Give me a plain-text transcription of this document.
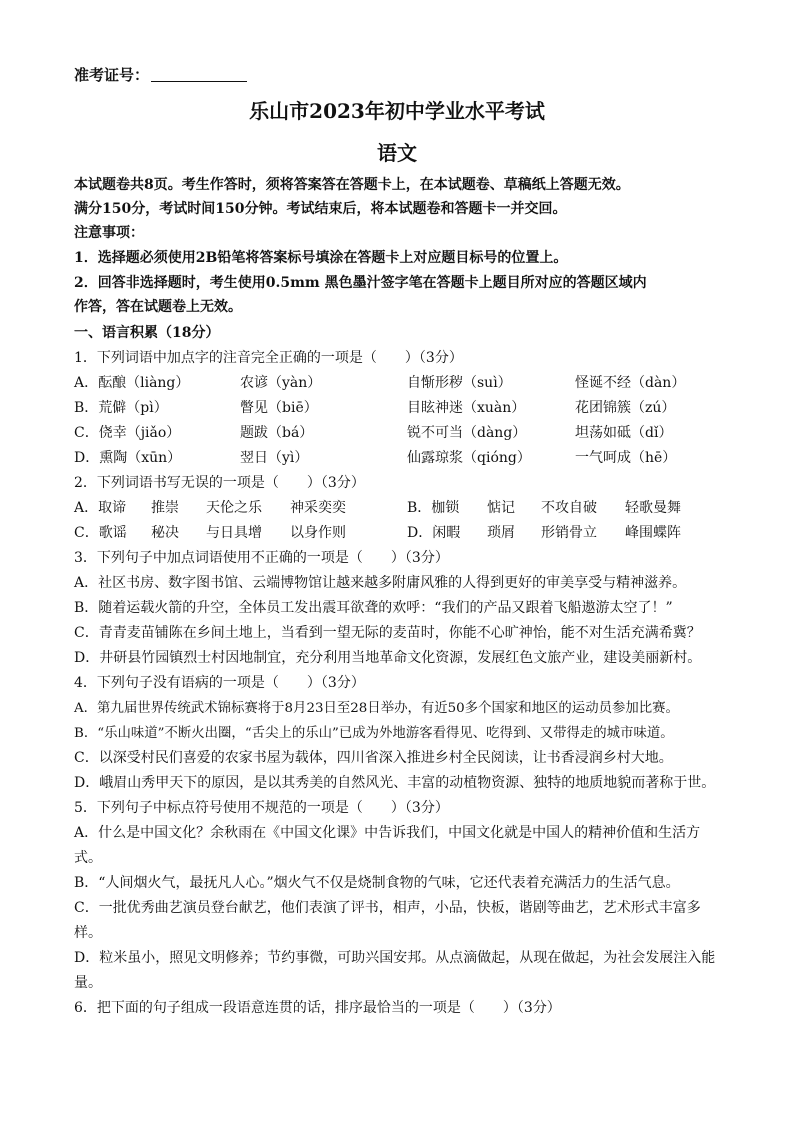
准考证号：
乐山市2023年初中学业水平考试
语文
本试题卷共8页。考生作答时，须将答案答在答题卡上，在本试题卷、草稿纸上答题无效。
满分150分，考试时间150分钟。考试结束后，将本试题卷和答题卡一并交回。
注意事项：
1．选择题必须使用2B铅笔将答案标号填涂在答题卡上对应题目标号的位置上。
2．回答非选择题时，考生使用0.5mm 黑色墨汁签字笔在答题卡上题目所对应的答题区域内
作答，答在试题卷上无效。
一、语言积累（18分）
1．下列词语中加点字的注音完全正确的一项是（　　）（3分）
A．酝酿（liàng）	农谚（yàn）	自惭形秽（suì）	怪诞不经（dàn）
B．荒僻（pì）	瞥见（biē）	目眩神迷（xuàn）	花团锦簇（zú）
C．侥幸（jiǎo）	题跋（bá）	锐不可当（dàng）	坦荡如砥（dǐ）
D．熏陶（xūn）	翌日（yì）	仙露琼浆（qióng）	一气呵成（hē）
2．下列词语书写无误的一项是（　　）（3分）
A．取谛 推崇 天伦之乐 神采奕奕	B．枷锁 惦记 不攻自破 轻歌曼舞
C．歌谣 秘决 与日具增 以身作则	D．闲暇 琐屑 形销骨立 峰围蝶阵
3．下列句子中加点词语使用不正确的一项是（　　）（3分）
A．社区书房、数字图书馆、云端博物馆让越来越多附庸风雅的人得到更好的审美享受与精神滋养。
B．随着运载火箭的升空，全体员工发出震耳欲聋的欢呼：“我们的产品又跟着飞船遨游太空了！”
C．青青麦苗铺陈在乡间土地上，当看到一望无际的麦苗时，你能不心旷神怡，能不对生活充满希冀？
D．井研县竹园镇烈士村因地制宜，充分利用当地革命文化资源，发展红色文旅产业，建设美丽新村。
4．下列句子没有语病的一项是（　　）（3分）
A．第九届世界传统武术锦标赛将于8月23日至28日举办，有近50多个国家和地区的运动员参加比赛。
B．“乐山味道”不断火出圈，“舌尖上的乐山”已成为外地游客看得见、吃得到、又带得走的城市味道。
C．以深受村民们喜爱的农家书屋为载体，四川省深入推进乡村全民阅读，让书香浸润乡村大地。
D．峨眉山秀甲天下的原因，是以其秀美的自然风光、丰富的动植物资源、独特的地质地貌而著称于世。
5．下列句子中标点符号使用不规范的一项是（　　）（3分）
A．什么是中国文化？余秋雨在《中国文化课》中告诉我们，中国文化就是中国人的精神价值和生活方
式。
B．“人间烟火气，最抚凡人心。”烟火气不仅是烧制食物的气味，它还代表着充满活力的生活气息。
C．一批优秀曲艺演员登台献艺，他们表演了评书，相声，小品，快板，谐剧等曲艺，艺术形式丰富多
样。
D．粒米虽小，照见文明修养；节约事微，可助兴国安邦。从点滴做起，从现在做起，为社会发展注入能
量。
6．把下面的句子组成一段语意连贯的话，排序最恰当的一项是（　　）（3分）
